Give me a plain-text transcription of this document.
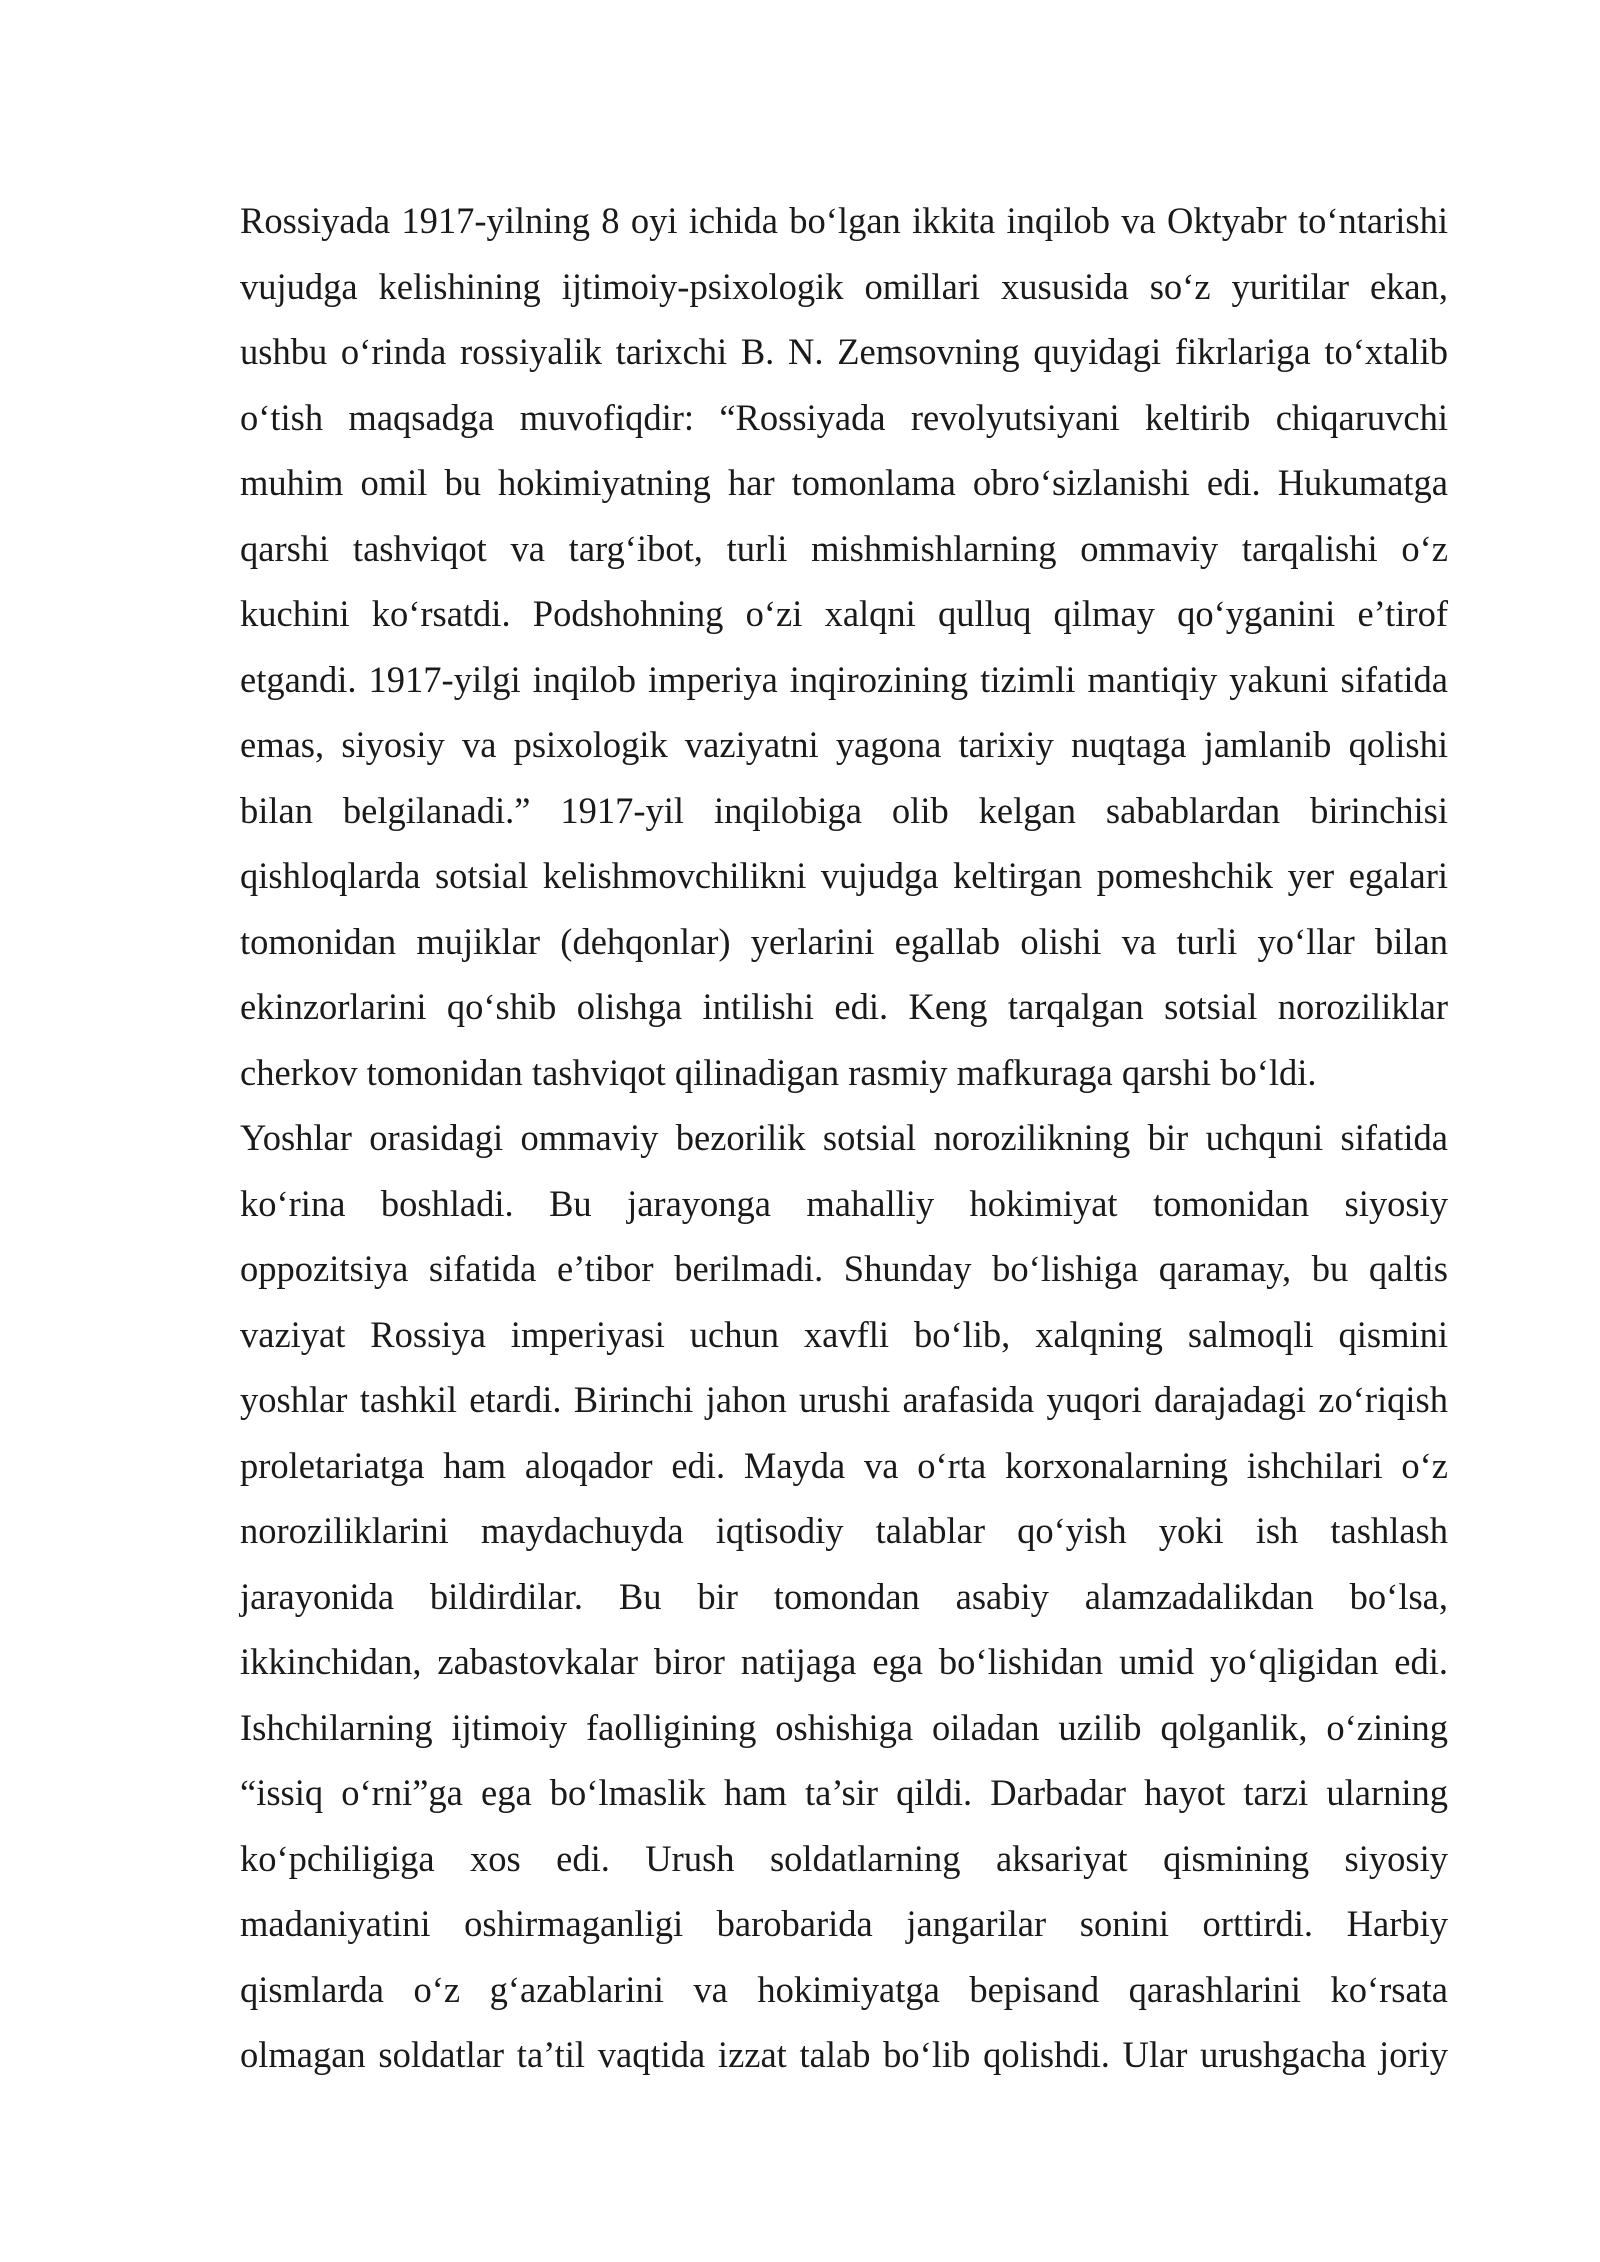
Rossiyada 1917-yilning 8 oyi ichida bo‘lgan ikkita inqilob va Oktyabr to‘ntarishi
vujudga kelishining ijtimoiy-psixologik omillari xususida so‘z yuritilar ekan,
ushbu o‘rinda rossiyalik tarixchi B. N. Zemsovning quyidagi fikrlariga to‘xtalib
o‘tish maqsadga muvofiqdir: “Rossiyada revolyutsiyani keltirib chiqaruvchi
muhim omil bu hokimiyatning har tomonlama obro‘sizlanishi edi. Hukumatga
qarshi tashviqot va targ‘ibot, turli mishmishlarning ommaviy tarqalishi o‘z
kuchini ko‘rsatdi. Podshohning o‘zi xalqni qulluq qilmay qo‘yganini e’tirof
etgandi. 1917-yilgi inqilob imperiya inqirozining tizimli mantiqiy yakuni sifatida
emas, siyosiy va psixologik vaziyatni yagona tarixiy nuqtaga jamlanib qolishi
bilan belgilanadi.” 1917-yil inqilobiga olib kelgan sabablardan birinchisi
qishloqlarda sotsial kelishmovchilikni vujudga keltirgan pomeshchik yer egalari
tomonidan mujiklar (dehqonlar) yerlarini egallab olishi va turli yo‘llar bilan
ekinzorlarini qo‘shib olishga intilishi edi. Keng tarqalgan sotsial noroziliklar
cherkov tomonidan tashviqot qilinadigan rasmiy mafkuraga qarshi bo‘ldi.
Yoshlar orasidagi ommaviy bezorilik sotsial norozilikning bir uchquni sifatida
ko‘rina boshladi. Bu jarayonga mahalliy hokimiyat tomonidan siyosiy
oppozitsiya sifatida e’tibor berilmadi. Shunday bo‘lishiga qaramay, bu qaltis
vaziyat Rossiya imperiyasi uchun xavfli bo‘lib, xalqning salmoqli qismini
yoshlar tashkil etardi. Birinchi jahon urushi arafasida yuqori darajadagi zo‘riqish
proletariatga ham aloqador edi. Mayda va o‘rta korxonalarning ishchilari o‘z
noroziliklarini maydachuyda iqtisodiy talablar qo‘yish yoki ish tashlash
jarayonida bildirdilar. Bu bir tomondan asabiy alamzadalikdan bo‘lsa,
ikkinchidan, zabastovkalar biror natijaga ega bo‘lishidan umid yo‘qligidan edi.
Ishchilarning ijtimoiy faolligining oshishiga oiladan uzilib qolganlik, o‘zining
“issiq o‘rni”ga ega bo‘lmaslik ham ta’sir qildi. Darbadar hayot tarzi ularning
ko‘pchiligiga xos edi. Urush soldatlarning aksariyat qismining siyosiy
madaniyatini oshirmaganligi barobarida jangarilar sonini orttirdi. Harbiy
qismlarda o‘z g‘azablarini va hokimiyatga bepisand qarashlarini ko‘rsata
olmagan soldatlar ta’til vaqtida izzat talab bo‘lib qolishdi. Ular urushgacha joriy
